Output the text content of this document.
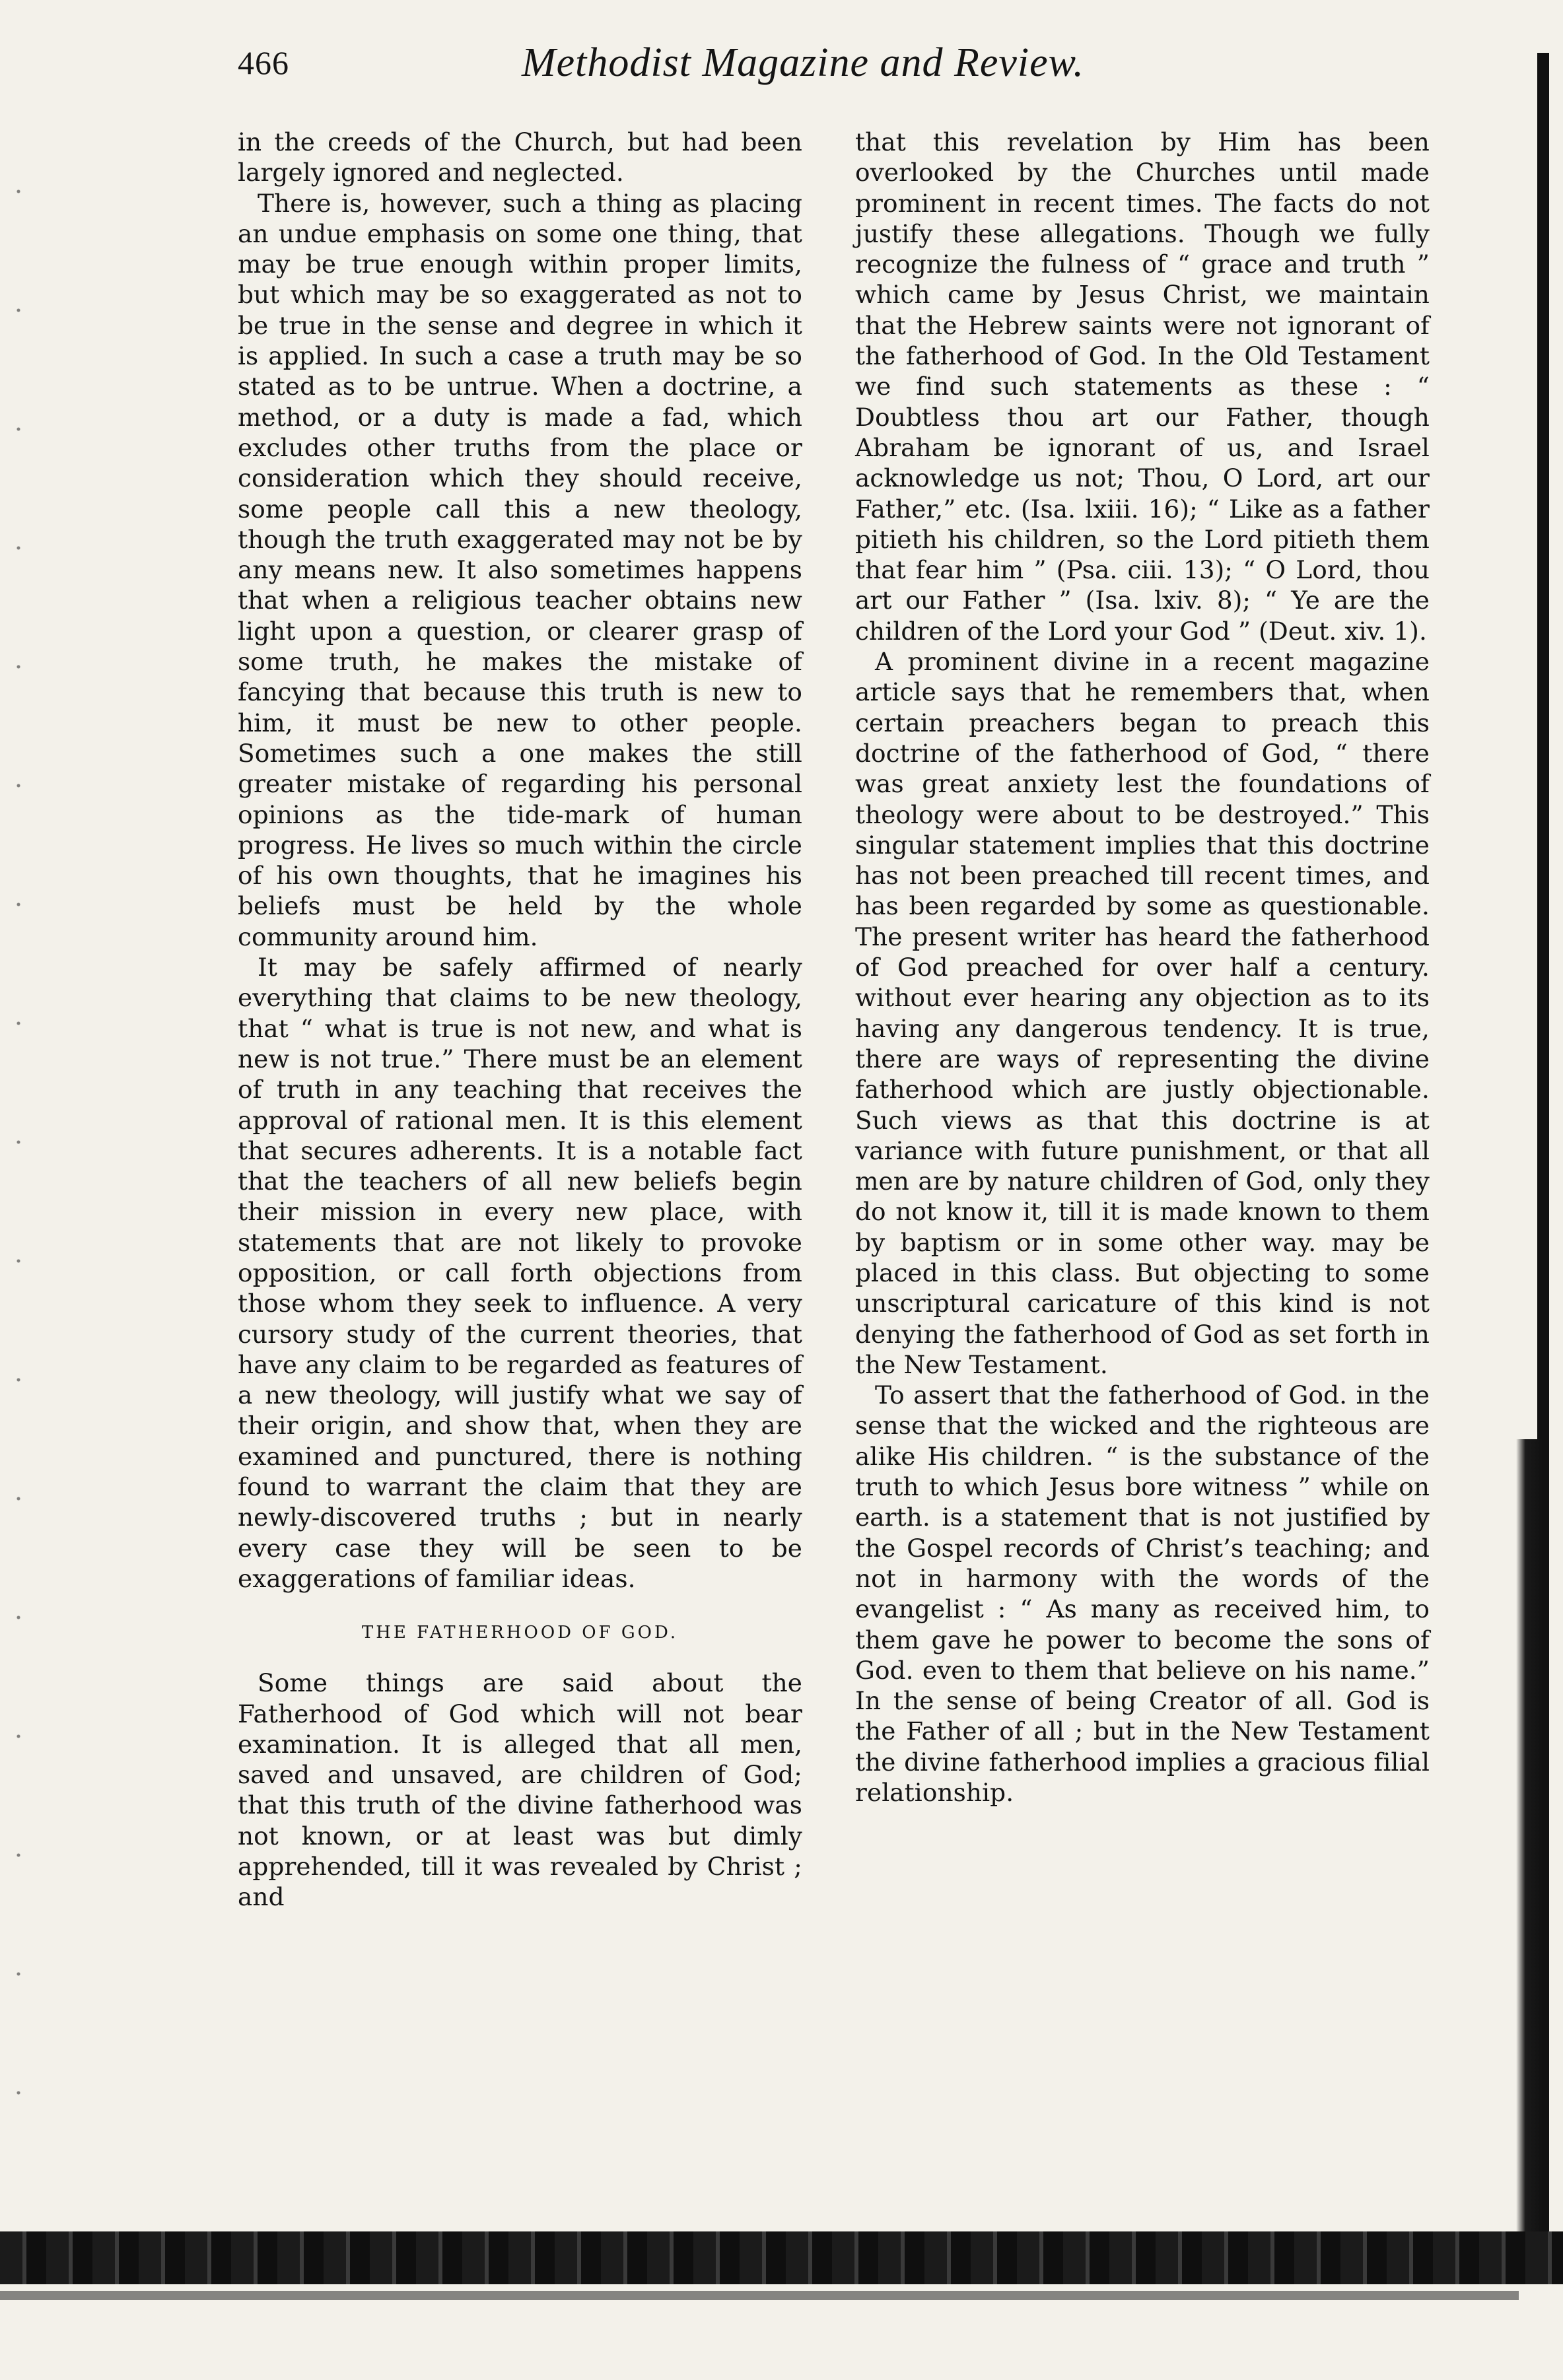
466	Methodist Magazine and Review.

in the creeds of the Church, but had been largely ignored and neglected.

There is, however, such a thing as placing an undue emphasis on some one thing, that may be true enough within proper limits, but which may be so exaggerated as not to be true in the sense and degree in which it is applied. In such a case a truth may be so stated as to be untrue. When a doctrine, a method, or a duty is made a fad, which excludes other truths from the place or consideration which they should receive, some people call this a new theology, though the truth exaggerated may not be by any means new. It also sometimes happens that when a religious teacher obtains new light upon a question, or clearer grasp of some truth, he makes the mistake of fancying that because this truth is new to him, it must be new to other people. Sometimes such a one makes the still greater mistake of regarding his personal opinions as the tide-mark of human progress. He lives so much within the circle of his own thoughts, that he imagines his beliefs must be held by the whole community around him.

It may be safely affirmed of nearly everything that claims to be new theology, that “ what is true is not new, and what is new is not true.” There must be an element of truth in any teaching that receives the approval of rational men. It is this element that secures adherents. It is a notable fact that the teachers of all new beliefs begin their mission in every new place, with statements that are not likely to provoke opposition, or call forth objections from those whom they seek to influence. A very cursory study of the current theories, that have any claim to be regarded as features of a new theology, will justify what we say of their origin, and show that, when they are examined and punctured, there is nothing found to warrant the claim that they are newly-discovered truths ; but in nearly every case they will be seen to be exaggerations of familiar ideas.

THE FATHERHOOD OF GOD.

Some things are said about the Fatherhood of God which will not bear examination. It is alleged that all men, saved and unsaved, are children of God; that this truth of the divine fatherhood was not known, or at least was but dimly apprehended, till it was revealed by Christ ; and

that this revelation by Him has been overlooked by the Churches until made prominent in recent times. The facts do not justify these allegations. Though we fully recognize the fulness of “ grace and truth ” which came by Jesus Christ, we maintain that the Hebrew saints were not ignorant of the fatherhood of God. In the Old Testament we find such statements as these : “ Doubtless thou art our Father, though Abraham be ignorant of us, and Israel acknowledge us not; Thou, O Lord, art our Father,” etc. (Isa. lxiii. 16); “ Like as a father pitieth his children, so the Lord pitieth them that fear him ” (Psa. ciii. 13); “ O Lord, thou art our Father ” (Isa. lxiv. 8); “ Ye are the children of the Lord your God ” (Deut. xiv. 1).

A prominent divine in a recent magazine article says that he remembers that, when certain preachers began to preach this doctrine of the fatherhood of God, “ there was great anxiety lest the foundations of theology were about to be destroyed.” This singular statement implies that this doctrine has not been preached till recent times, and has been regarded by some as questionable. The present writer has heard the fatherhood of God preached for over half a century. without ever hearing any objection as to its having any dangerous tendency. It is true, there are ways of representing the divine fatherhood which are justly objectionable. Such views as that this doctrine is at variance with future punishment, or that all men are by nature children of God, only they do not know it, till it is made known to them by baptism or in some other way. may be placed in this class. But objecting to some unscriptural caricature of this kind is not denying the fatherhood of God as set forth in the New Testament.

To assert that the fatherhood of God. in the sense that the wicked and the righteous are alike His children. “ is the substance of the truth to which Jesus bore witness ” while on earth. is a statement that is not justified by the Gospel records of Christ’s teaching; and not in harmony with the words of the evangelist : “ As many as received him, to them gave he power to become the sons of God. even to them that believe on his name.” In the sense of being Creator of all. God is the Father of all ; but in the New Testament the divine fatherhood implies a gracious filial relationship.
